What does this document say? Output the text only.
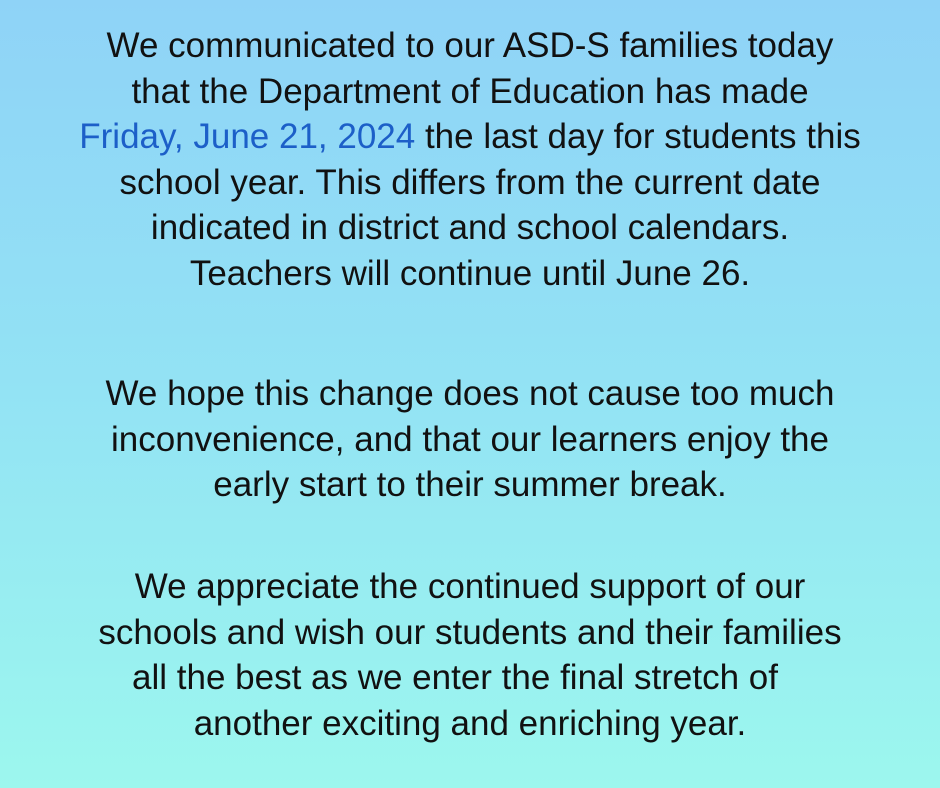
We communicated to our ASD-S families today
that the Department of Education has made
Friday, June 21, 2024 the last day for students this
school year. This differs from the current date
indicated in district and school calendars.
Teachers will continue until June 26.

We hope this change does not cause too much
inconvenience, and that our learners enjoy the
early start to their summer break.

We appreciate the continued support of our
schools and wish our students and their families
all the best as we enter the final stretch of
another exciting and enriching year.
